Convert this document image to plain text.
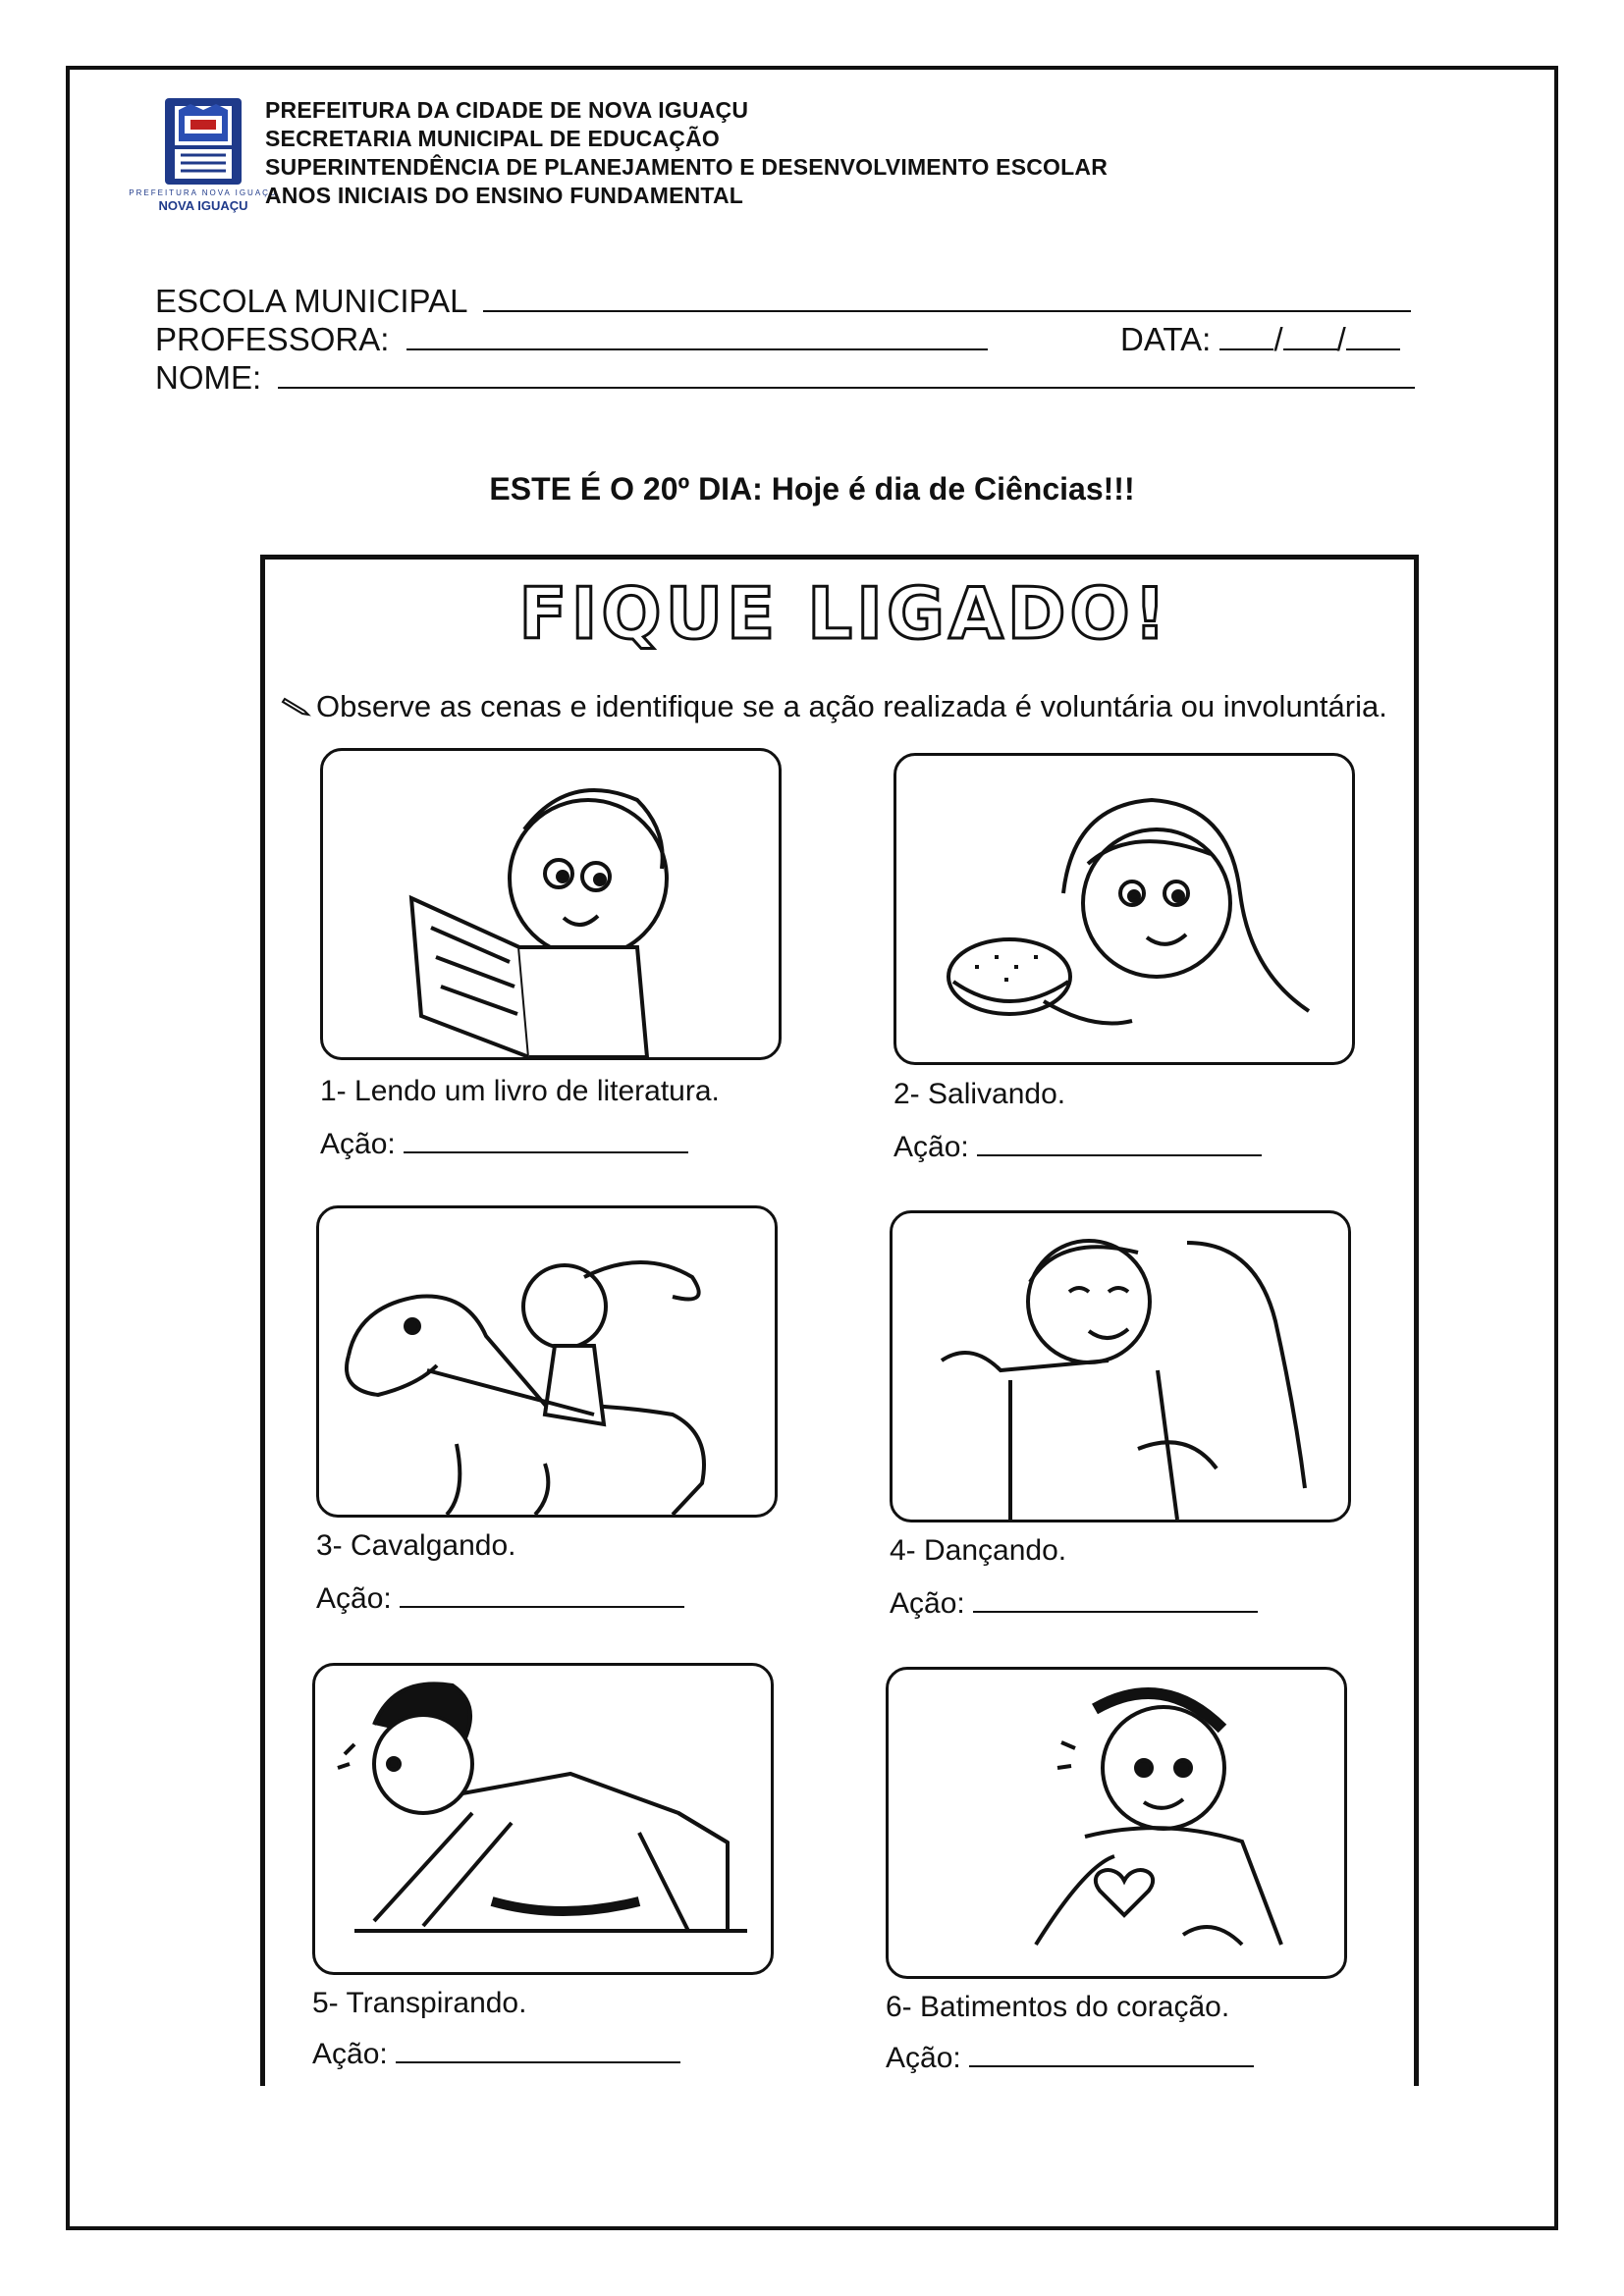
PREFEITURA NOVA IGUAÇU
NOVA IGUAÇU
PREFEITURA DA CIDADE DE NOVA IGUAÇU
SECRETARIA MUNICIPAL DE EDUCAÇÃO
SUPERINTENDÊNCIA DE PLANEJAMENTO E DESENVOLVIMENTO ESCOLAR
ANOS INICIAIS DO ENSINO FUNDAMENTAL
ESCOLA MUNICIPAL
PROFESSORA:	DATA: / /
NOME:
ESTE É O 20º DIA: Hoje é dia de Ciências!!!
FIQUE LIGADO!
Observe as cenas e identifique se a ação realizada é voluntária ou involuntária.
1- Lendo um livro de literatura.
Ação:
2- Salivando.
Ação:
3- Cavalgando.
Ação:
4- Dançando.
Ação:
5- Transpirando.
Ação:
6- Batimentos do coração.
Ação:
